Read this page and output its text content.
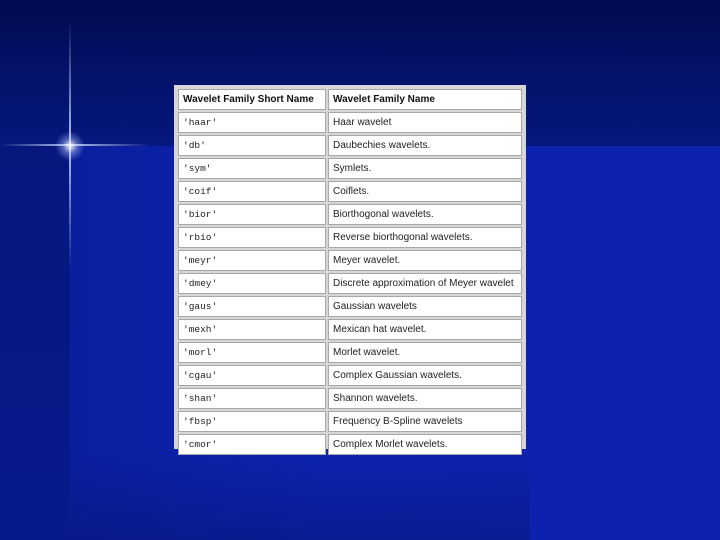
Wavelet Family Short Name	Wavelet Family Name
'haar'	Haar wavelet
'db'	Daubechies wavelets.
'sym'	Symlets.
'coif'	Coiflets.
'bior'	Biorthogonal wavelets.
'rbio'	Reverse biorthogonal wavelets.
'meyr'	Meyer wavelet.
'dmey'	Discrete approximation of Meyer wavelet
'gaus'	Gaussian wavelets
'mexh'	Mexican hat wavelet.
'morl'	Morlet wavelet.
'cgau'	Complex Gaussian wavelets.
'shan'	Shannon wavelets.
'fbsp'	Frequency B-Spline wavelets
'cmor'	Complex Morlet wavelets.
